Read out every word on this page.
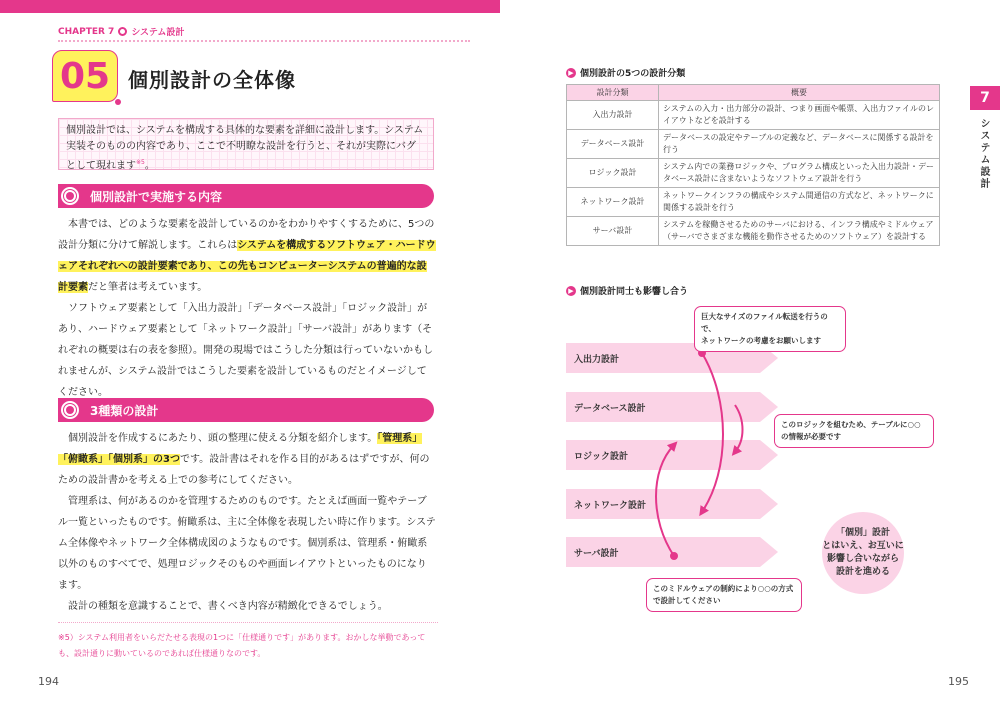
CHAPTER 7 システム設計
05 個別設計の全体像
個別設計では、システムを構成する具体的な要素を詳細に設計します。システム実装そのものの内容であり、ここで不明瞭な設計を行うと、それが実際にバグとして現れます$^{※5}$。
個別設計で実施する内容

本書では、どのような要素を設計しているのかをわかりやすくするために、5つの設計分類に分けて解説します。これらはシステムを構成するソフトウェア・ハードウェアそれぞれへの設計要素であり、この先もコンピューターシステムの普遍的な設計要素だと筆者は考えています。

ソフトウェア要素として「入出力設計」「データベース設計」「ロジック設計」があり、ハードウェア要素として「ネットワーク設計」「サーバ設計」があります（それぞれの概要は右の表を参照）。開発の現場ではこうした分類は行っていないかもしれませんが、システム設計ではこうした要素を設計しているものだとイメージしてください。

3種類の設計

個別設計を作成するにあたり、頭の整理に使える分類を紹介します。「管理系」「俯瞰系」「個別系」の3つです。設計書はそれを作る目的があるはずですが、何のための設計書かを考える上での参考にしてください。

管理系は、何があるのかを管理するためのものです。たとえば画面一覧やテーブル一覧といったものです。俯瞰系は、主に全体像を表現したい時に作ります。システム全体像やネットワーク全体構成図のようなものです。個別系は、管理系・俯瞰系以外のものすべてで、処理ロジックそのものや画面レイアウトといったものになります。

設計の種類を意識することで、書くべき内容が精緻化できるでしょう。

※5）システム利用者をいらだたせる表現の1つに「仕様通りです」があります。おかしな挙動であっても、設計通りに動いているのであれば仕様通りなのです。
194
7
システム設計
195
▶ 個別設計の5つの設計分類
設計分類	概要
入出力設計	システムの入力・出力部分の設計、つまり画面や帳票、入出力ファイルのレイアウトなどを設計する
データベース設計	データベースの設定やテーブルの定義など、データベースに関係する設計を行う
ロジック設計	システム内での業務ロジックや、プログラム構成といった入出力設計・データベース設計に含まないようなソフトウェア設計を行う
ネットワーク設計	ネットワークインフラの構成やシステム間通信の方式など、ネットワークに関係する設計を行う
サーバ設計	システムを稼働させるためのサーバにおける、インフラ構成やミドルウェア（サーバでさまざまな機能を動作させるためのソフトウェア）を設計する
▶ 個別設計同士も影響し合う
入出力設計
データベース設計
ロジック設計
ネットワーク設計
サーバ設計
巨大なサイズのファイル転送を行うので、
ネットワークの考慮をお願いします
このロジックを組むため、テーブルに○○
の情報が必要です
このミドルウェアの制約により○○の方式
で設計してください
「個別」設計
とはいえ、お互いに
影響し合いながら
設計を進める
